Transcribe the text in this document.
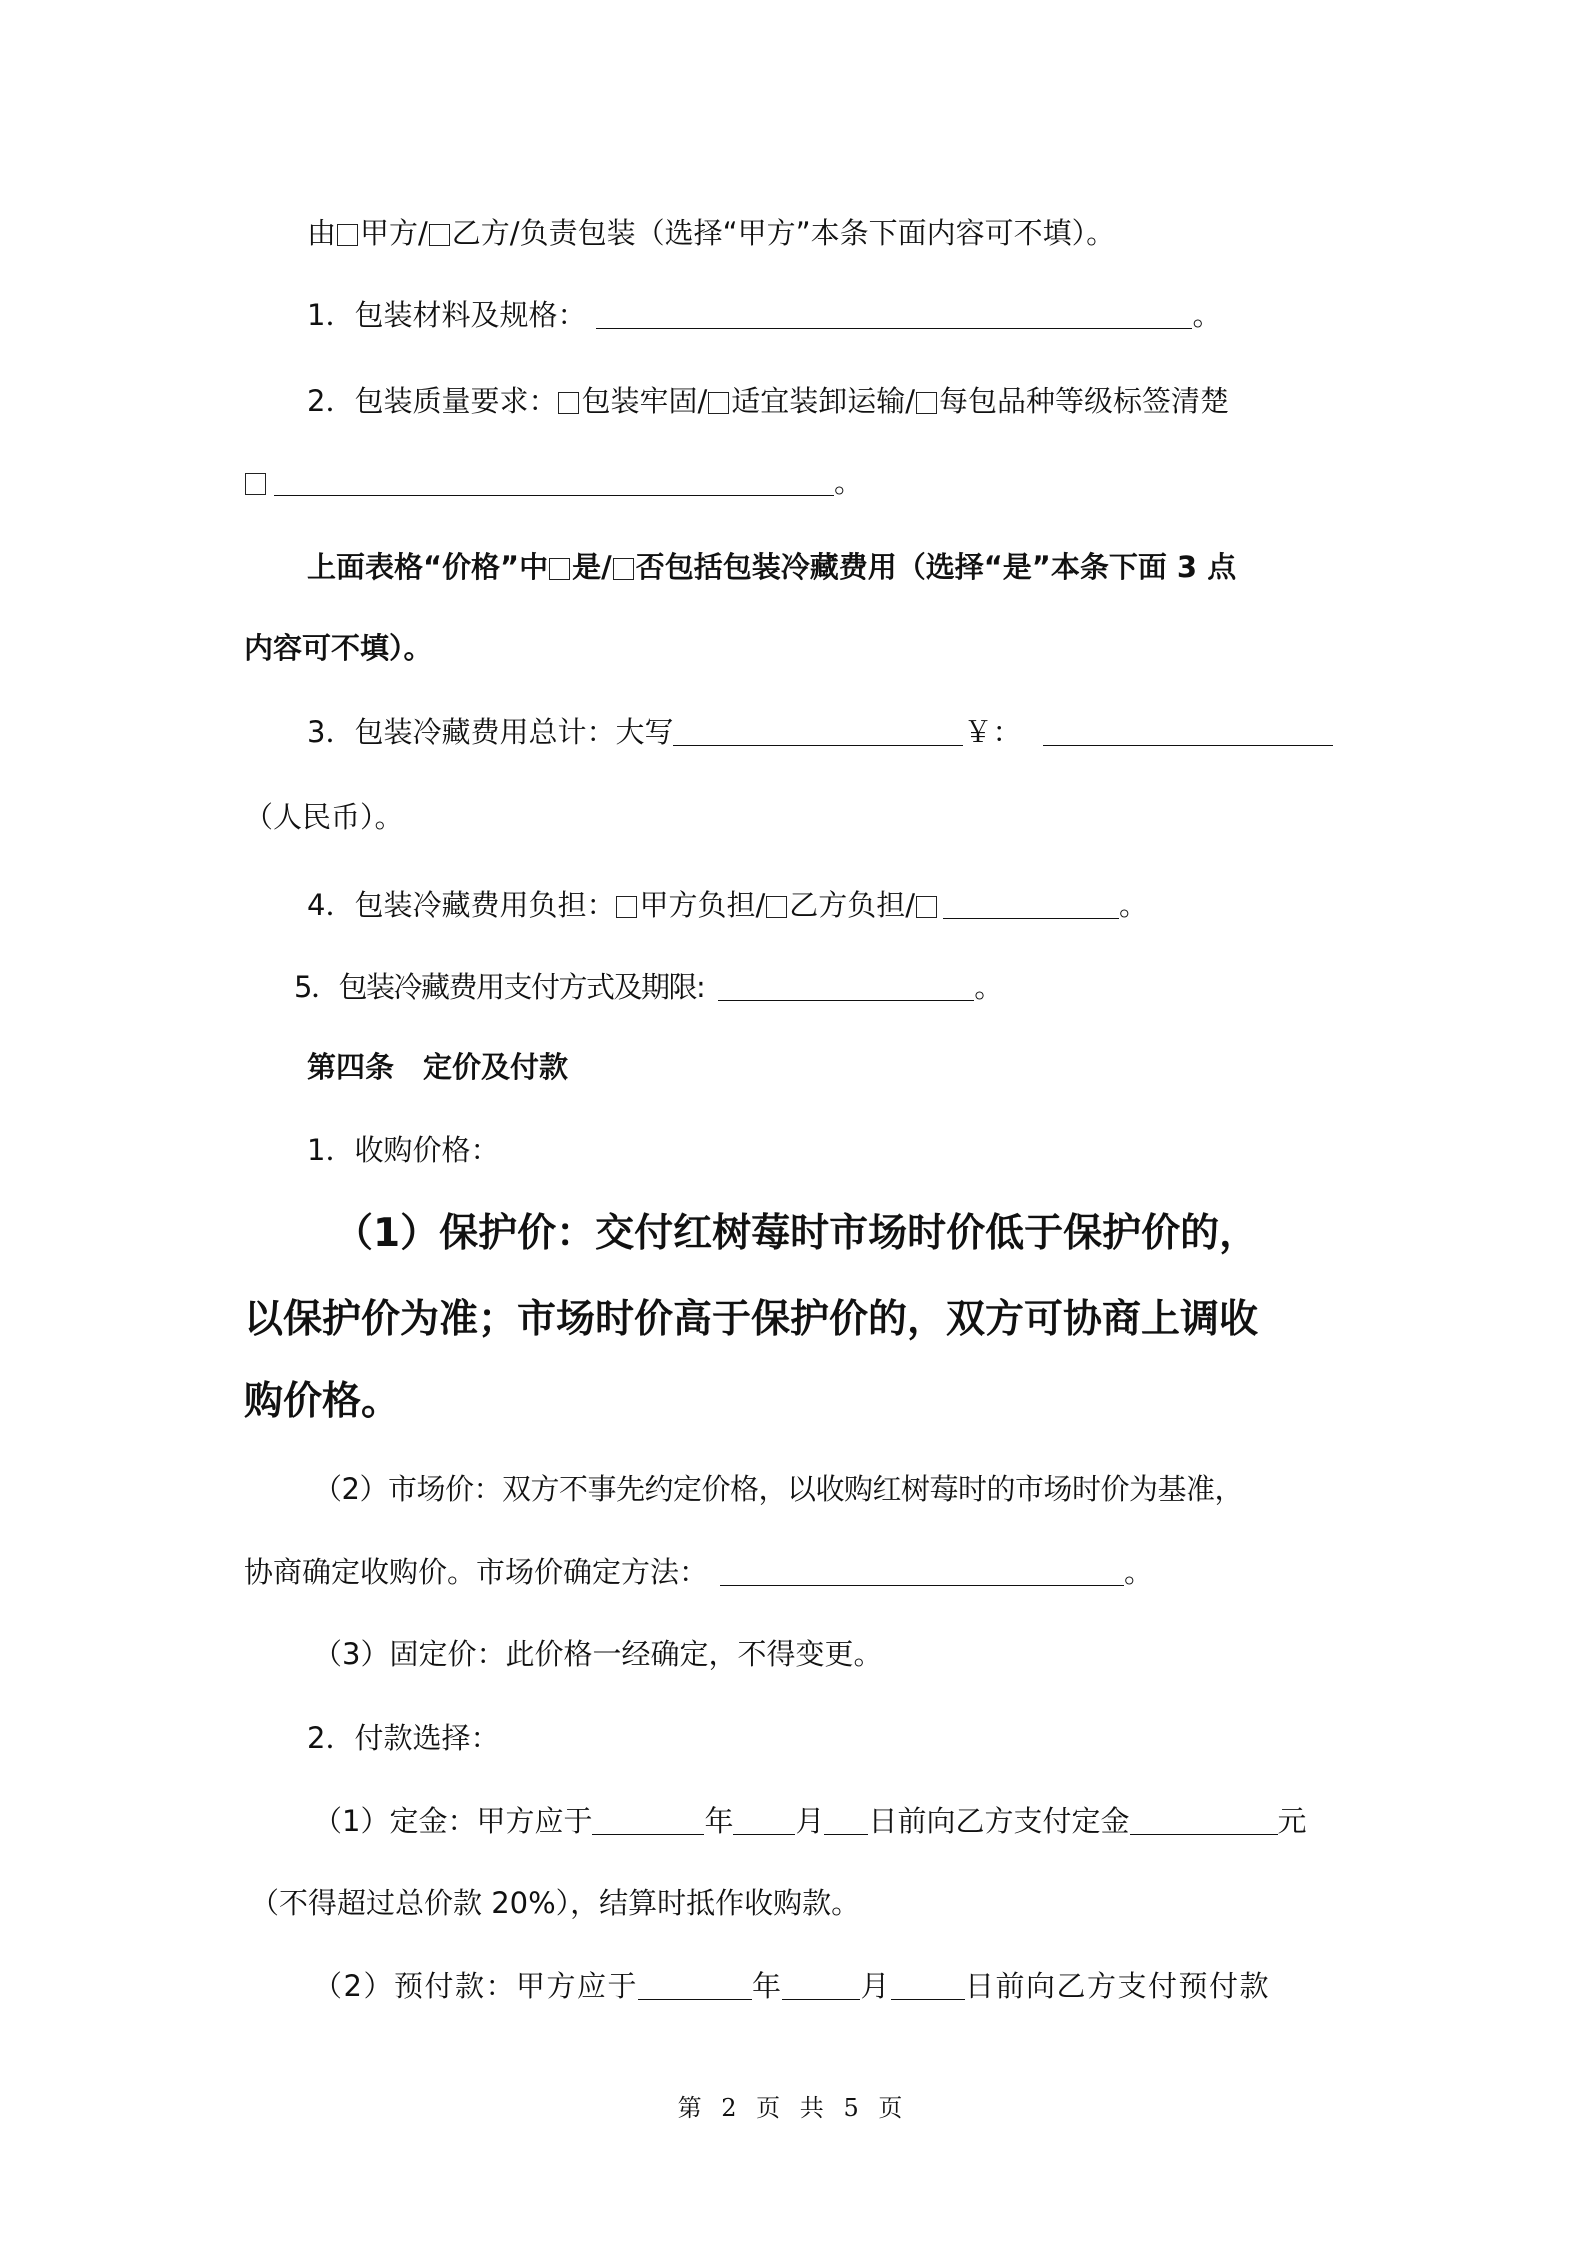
由 甲方/ 乙方/负责包装（选择“甲方”本条下面内容可不填）。
1．包装材料及规格：	。
2．包装质量要求： 包装牢固/ 适宜装卸运输/ 每包品种等级标签清楚
。
上面表格“价格”中 是/ 否包括包装冷藏费用（选择“是”本条下面 3 点
内容可不填）。
3．包装冷藏费用总计：大写	￥：
（人民币）。
4．包装冷藏费用负担： 甲方负担/ 乙方负担/	。
5．包装冷藏费用支付方式及期限:	。
第四条　定价及付款
1．收购价格：
（1）保护价：交付红树莓时市场时价低于保护价的，
以保护价为准；市场时价高于保护价的，双方可协商上调收
购价格。
（2）市场价：双方不事先约定价格，以收购红树莓时的市场时价为基准，
协商确定收购价。市场价确定方法：	。
（3）固定价：此价格一经确定，不得变更。
2．付款选择：
（1）定金：甲方应于	年 月 日前向乙方支付定金	元
（不得超过总价款 20%），结算时抵作收购款。
（2）预付款：甲方应于	年	月	日前向乙方支付预付款
第 2 页 共 5 页
